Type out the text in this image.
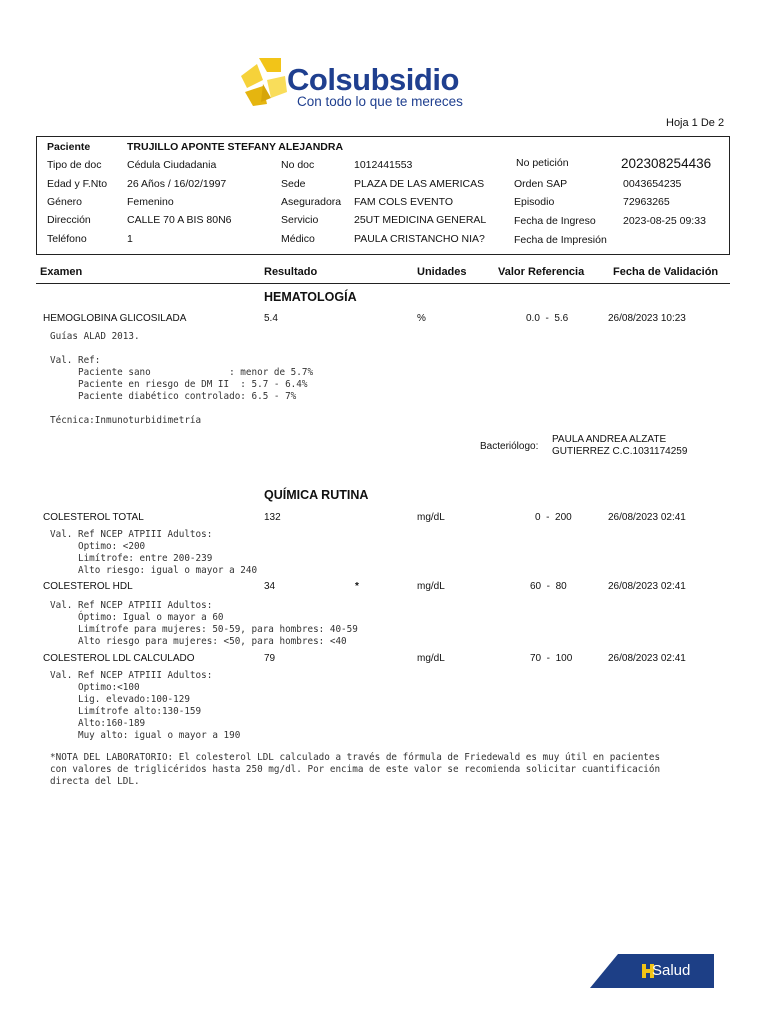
Colsubsidio
Con todo lo que te mereces
Hoja 1 De 2
Paciente	TRUJILLO APONTE STEFANY ALEJANDRA
Tipo de doc Cédula Ciudadania	No doc	1012441553	No petición	202308254436
Edad y F.Nto 26 Años / 16/02/1997	Sede	PLAZA DE LAS AMERICAS	Orden SAP	0043654235
Género	Femenino	Aseguradora FAM COLS EVENTO	Episodio	72963265
Dirección	CALLE 70 A BIS 80N6	Servicio	25UT MEDICINA GENERAL	Fecha de Ingreso	2023-08-25 09:33
Teléfono	1	Médico	PAULA CRISTANCHO NIA?	Fecha de Impresión
Examen	Resultado	Unidades	Valor Referencia	Fecha de Validación
HEMATOLOGÍA
HEMOGLOBINA GLICOSILADA	5.4	%	0.0  -  5.6	26/08/2023 10:23
Guías ALAD 2013.
Val. Ref:
Paciente sano              : menor de 5.7%
Paciente en riesgo de DM II  : 5.7 - 6.4%
Paciente diabético controlado: 6.5 - 7%
Técnica:Inmunoturbidimetría
Bacteriólogo:
PAULA ANDREA ALZATE
GUTIERREZ C.C.1031174259
QUÍMICA RUTINA
COLESTEROL TOTAL	132	mg/dL	0  -  200	26/08/2023 02:41
Val. Ref NCEP ATPIII Adultos:
Optimo: <200
Limítrofe: entre 200-239
Alto riesgo: igual o mayor a 240
COLESTEROL HDL	34	*	mg/dL	60  -  80	26/08/2023 02:41
Val. Ref NCEP ATPIII Adultos:
Óptimo: Igual o mayor a 60
Limítrofe para mujeres: 50-59, para hombres: 40-59
Alto riesgo para mujeres: <50, para hombres: <40
COLESTEROL LDL CALCULADO	79	mg/dL	70  -  100	26/08/2023 02:41
Val. Ref NCEP ATPIII Adultos:
Optimo:<100
Lig. elevado:100-129
Limítrofe alto:130-159
Alto:160-189
Muy alto: igual o mayor a 190
*NOTA DEL LABORATORIO: El colesterol LDL calculado a través de fórmula de Friedewald es muy útil en pacientes
con valores de triglicéridos hasta 250 mg/dl. Por encima de este valor se recomienda solicitar cuantificación
directa del LDL.
Salud
